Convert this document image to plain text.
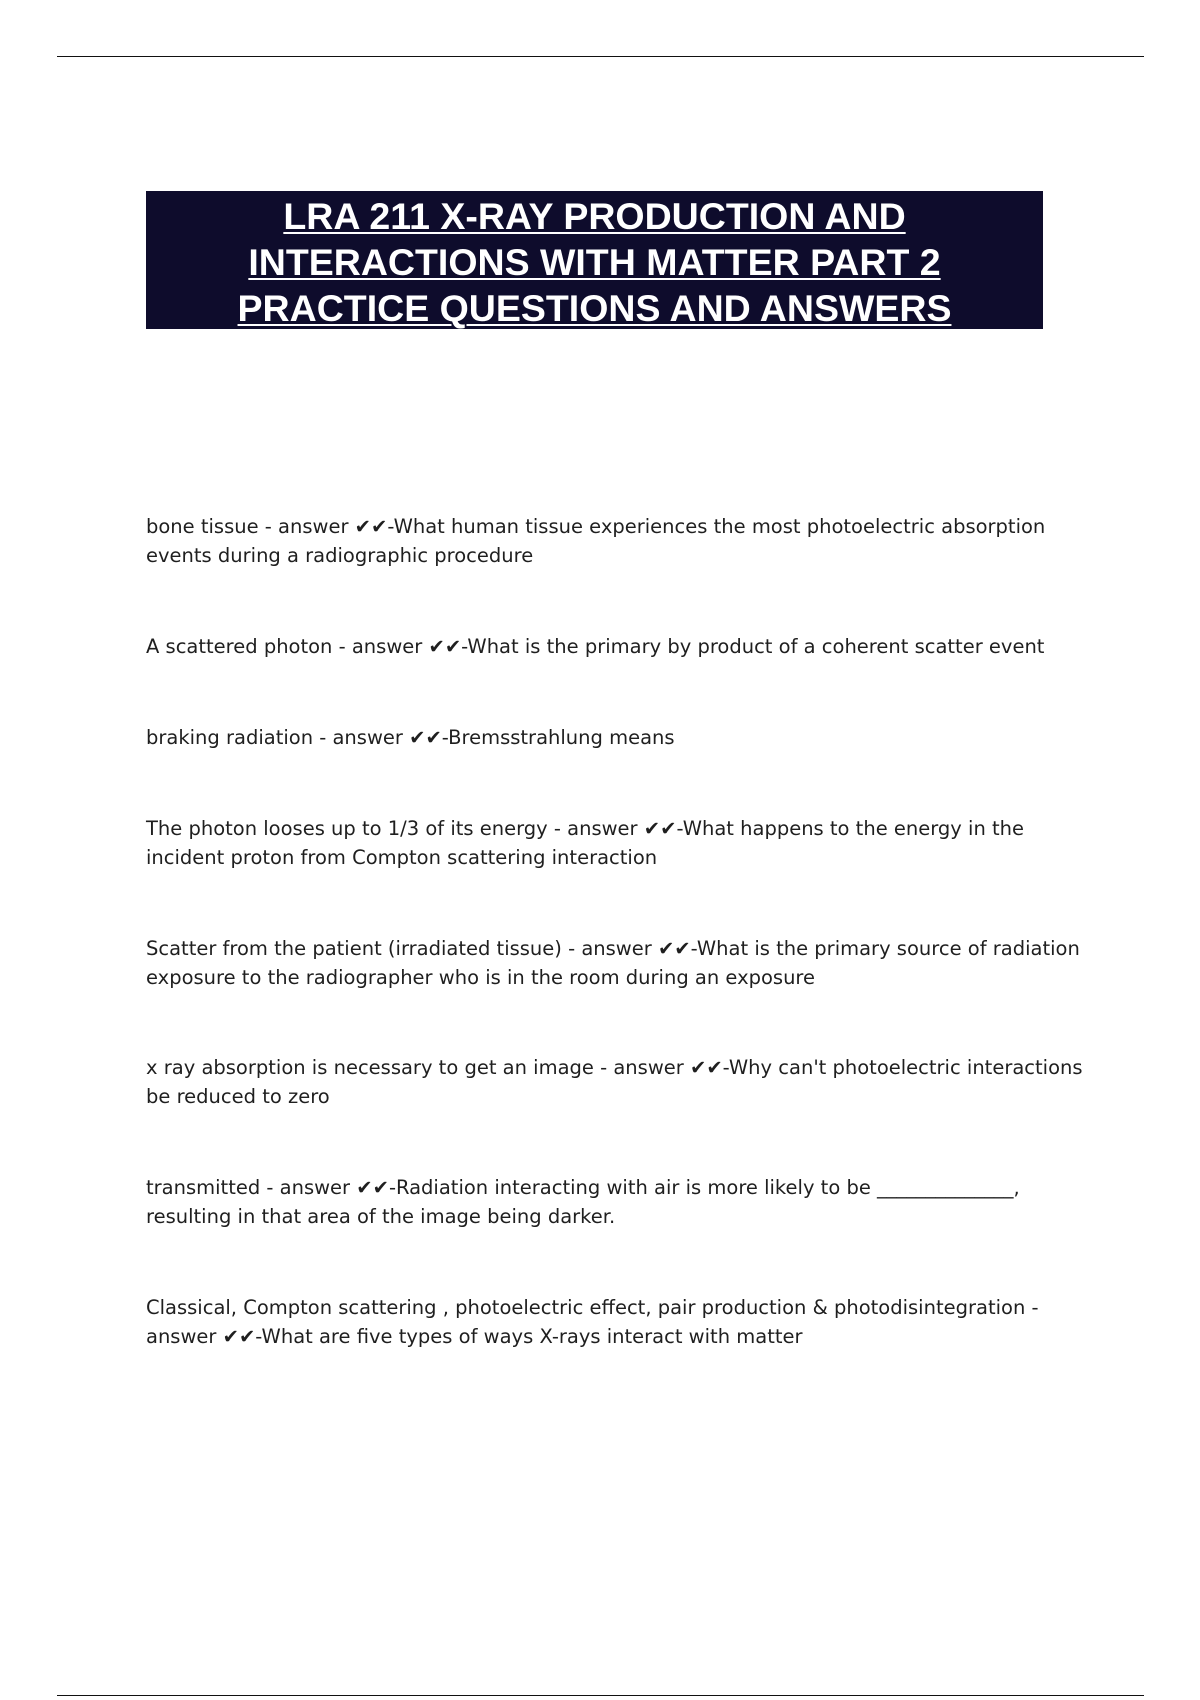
LRA 211 X-RAY PRODUCTION AND
INTERACTIONS WITH MATTER PART 2
PRACTICE QUESTIONS AND ANSWERS

bone tissue - answer ✔✔-What human tissue experiences the most photoelectric absorption events during a radiographic procedure

A scattered photon - answer ✔✔-What is the primary by product of a coherent scatter event

braking radiation - answer ✔✔-Bremsstrahlung means

The photon looses up to 1/3 of its energy - answer ✔✔-What happens to the energy in the incident proton from Compton scattering interaction

Scatter from the patient (irradiated tissue) - answer ✔✔-What is the primary source of radiation exposure to the radiographer who is in the room during an exposure

x ray absorption is necessary to get an image - answer ✔✔-Why can't photoelectric interactions be reduced to zero

transmitted - answer ✔✔-Radiation interacting with air is more likely to be ______________, resulting in that area of the image being darker.

Classical, Compton scattering , photoelectric effect, pair production & photodisintegration - answer ✔✔-What are five types of ways X-rays interact with matter
